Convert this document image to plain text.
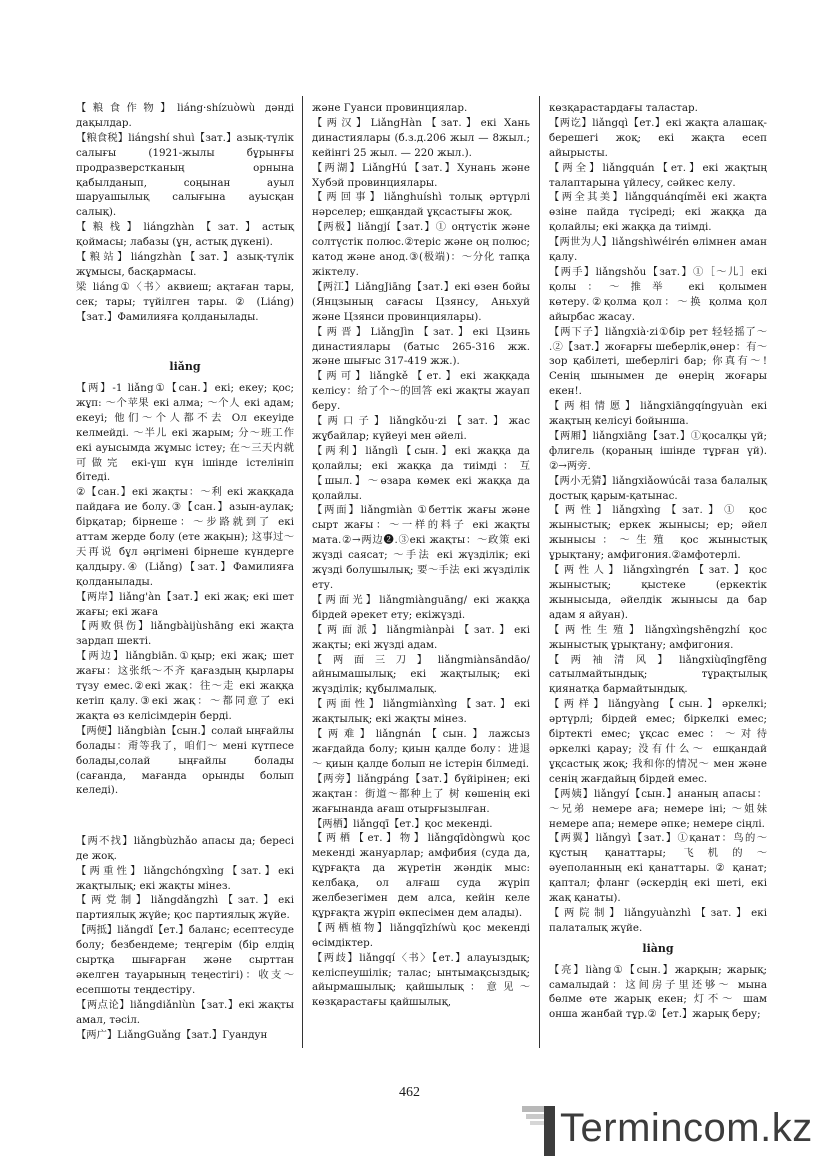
【粮食作物】liáng·shízuòwù дәнді дақылдар.

【粮食税】liángshí shuì【зат.】азық-түлік салығы (1921-жылы бұрынғы продразверстканың орнына қабылданып, соңынан ауыл шаруашылық салығына ауысқан салық).

【粮栈】liángzhàn【зат.】астық қоймасы; лабазы (ұн, астық дүкені).

【粮站】liángzhàn【зат.】азық-түлік жұмысы, басқармасы.

梁 liáng①〈书〉аквиеш; ақтаған тары, сек; тары; түйілген тары. ② (Liáng)【зат.】Фамилияға қолданылады.

liǎng

【两】-1 liǎng①【сан.】екі; екеу; қос; жұп: ～个苹果 екі алма; ～个人 екі адам; екеуі; 他们～个人都不去 Ол екеуіде келмейді. ～半儿 екі жарым; 分～班工作 екі ауысымда жұмыс істеу; 在～三天内就可做完 екі-үш күн ішінде істелініп бітеді.

②【сан.】екі жақты：～利 екі жаққада пайдаға ие болу.③【сан.】азын-аулақ; бірқатар; бірнеше：～步路就到了 екі аттам жерде болу (ете жақын); 这事过～天再说 бұл әңгімені бірнеше күндерге қалдыру.④ (Liǎng)【зат.】Фамилияға қолданылады.

【两岸】liǎng'àn【зат.】екі жақ; екі шет жағы; екі жаға

【两败俱伤】liǎngbàijùshāng екі жақта зардап шекті.

【两边】liǎngbiān.①қыр; екі жақ; шет жағы：这张纸～不齐 қағаздың қырлары түзу емес.②екі жақ：往～走 екі жаққа кетіп қалу.③екі жақ：～都同意了 екі жақта өз келісімдерін берді.

【两便】liǎngbiàn【сын.】солай ыңғайлы болады：甭等我了，咱们～ мені күтпесе болады,солай ыңғайлы болады (сағанда, мағанда орынды болып келеді).

【两不找】liǎngbùzhǎo апасы да; бересі де жоқ.

【两重性】liǎngchóngxìng【зат.】екі жақтылық; екі жақты мінез.

【两党制】liǎngdǎngzhì【зат.】екі партиялық жүйе; қос партиялық жүйе.

【两抵】liǎngdǐ【ет.】баланс; есептесуде болу; безбендеме; теңгерім (бір елдің сыртқа шығарған және сырттан әкелген тауарының теңестігі)：收支～ есепшоты теңдестіру.

【两点论】liǎngdiǎnlùn【зат.】екі жақты амал, тәсіл.

【两广】LiǎngGuǎng【зат.】Гуандун

және Гуанси провинциялар.

【两汉】LiǎngHàn【зат.】екі Хань династиялары (б.з.д.206 жыл — 8жыл.; кейінгі 25 жыл. — 220 жыл.).

【两湖】LiǎngHú【зат.】Хунань және Хубэй провинциялары.

【两回事】liǎnghuíshì толық әртүрлі нәрселер; ешқандай ұқсастығы жоқ.

【两极】liǎngjí【зат.】① оңтүстік және солтүстік полюс.②теріс және оң полюс; катод және анод.③(极端)：～分化 тапқа жіктелу.

【两江】LiǎngJiāng【зат.】екі өзен бойы (Янцзының сағасы Цзянсу, Аньхуй және Цзянси провинциялары).

【两晋】LiǎngJìn【зат.】екі Цзинь династиялары (батыс 265-316 жж. және шығыс 317-419 жж.).

【两可】liǎngkě【ет.】екі жаққада келісу：给了个～的回答 екі жақты жауап беру.

【两口子】liǎngkǒu·zi【зат.】жас жұбайлар; күйеуі мен әйелі.

【两利】liǎnglì【сын.】екі жаққа да қолайлы; екі жаққа да тиімді：互【шыл.】～өзара көмек екі жаққа да қолайлы.

【两面】liǎngmiàn ①беттік жағы және сырт жағы：～一样的料子 екі жақты мата.②→两边❷.③екі жақты：～政策 екі жүзді саясат; ～手法 екі жүзділік; екі жүзді болушылық; 要～手法 екі жүзділік ету.

【两面光】liǎngmiànguāng/ екі жаққа бірдей әрекет ету; екіжүзді.

【两面派】liǎngmiànpài【зат.】екі жақты; екі жүзді адам.

【两面三刀】liǎngmiànsāndāo/ айнымашылық; екі жақтылық; екі жүзділік; құбылмалық.

【两面性】liǎngmiànxìng【зат.】екі жақтылық; екі жақты мінез.

【两难】liǎngnán【сын.】лажсыз жағдайда болу; қиын қалде болу：进退～ қиын қалде болып не істерін білмеді.

【两旁】liǎngpáng【зат.】бүйірінен; екі жақтан：街道～都种上了 树 көшенің екі жағынанда ағаш отырғызылған.

【两栖】liǎngqī【ет.】қос мекенді.

【两栖【ет.】物】liǎngqīdòngwù қос мекенді жануарлар; амфибия (суда да, құрғақта да жүретін жәндік мыс: келбақа, ол алғаш суда жүріп желбезегімен дем алса, кейін келе құрғақта жүріп өкпесімен дем алады).

【两栖植物】liǎngqīzhíwù қос мекенді өсімдіктер.

【两歧】liǎngqí〈书〉【ет.】алауыздық; келіспеушілік; талас; ынтымақсыздық; айырмашылық; қайшылық：意见～ көзқарастағы қайшылық,

көзқарастардағы таластар.

【两讫】liǎngqì【ет.】екі жақта алашақ-берешегі жоқ; екі жақта есеп айырысты.

【两全】liǎngquán【ет.】екі жақтың талаптарына үйлесу, сәйкес келу.

【两全其美】liǎngquánqíměi екі жақта өзіне пайда түсіреді; екі жаққа да қолайлы; екі жаққа да тиімді.

【两世为人】liǎngshìwéirén өлімнен аман қалу.

【两手】liǎngshǒu【зат.】①［～儿］екі қолы：～推举 екі қолымен көтеру.②қолма қол：～换 қолма қол айырбас жасау.

【两下子】liǎngxià·zi①бір рет 轻轻摇了～ .②【зат.】жоғарғы шеберлік,өнер：有～ зор қабілеті, шеберлігі бар; 你真有～! Сенің шынымен де өнерің жоғары екен!.

【两相情愿】liǎngxiāngqíngyuàn екі жақтың келісуі бойынша.

【两厢】liǎngxiāng【зат.】①қосалқы үй; флигель (қораның ішінде тұрған үй). ②→两旁.

【两小无猜】liǎngxiǎowúcāi таза балалық достық қарым-қатынас.

【两性】liǎngxìng【зат.】① қос жыныстық; еркек жынысы; ер; әйел жынысы：～生殖 қос жыныстық ұрықтану; амфигония.②амфотерлі.

【两性人】liǎngxìngrén【зат.】қос жыныстық; қыстеке (еркектік жынысыда, әйелдік жынысы да бар адам я айуан).

【两性生殖】liǎngxìngshēngzhí қос жыныстық ұрықтану; амфигония.

【两袖清风】liǎngxiùqīngfēng сатылмайтындық; тұрақтылық қиянатқа бармайтындық.

【两样】liǎngyàng【сын.】әркелкі; әртүрлі; бірдей емес; біркелкі емес; біртекті емес; ұқсас емес：～对待 әркелкі қарау; 没有什么～ ешқандай ұқсастық жоқ; 我和你的情况～ мен және сенің жағдайың бірдей емес.

【两姨】liǎngyí【сын.】ананың апасы：～兄弟 немере аға; немере іні; ～姐妹 немере апа; немере әпке; немере сіңлі.

【两翼】liǎngyì【зат.】①қанат：鸟的～ құстың қанаттары; 飞机的～ әуеполанның екі қанаттары. ② қанат; қаптал; фланг (әскердің екі шеті, екі жақ қанаты).

【两院制】liǎngyuànzhì【зат.】екі палаталық жүйе.

liàng

【亮】liàng①【сын.】жарқын; жарық; самалыдай：这间房子里还够～ мына бөлме өте жарық екен; 灯不～ шам онша жанбай тұр.②【ет.】жарық беру;

462
Termincom.kz
